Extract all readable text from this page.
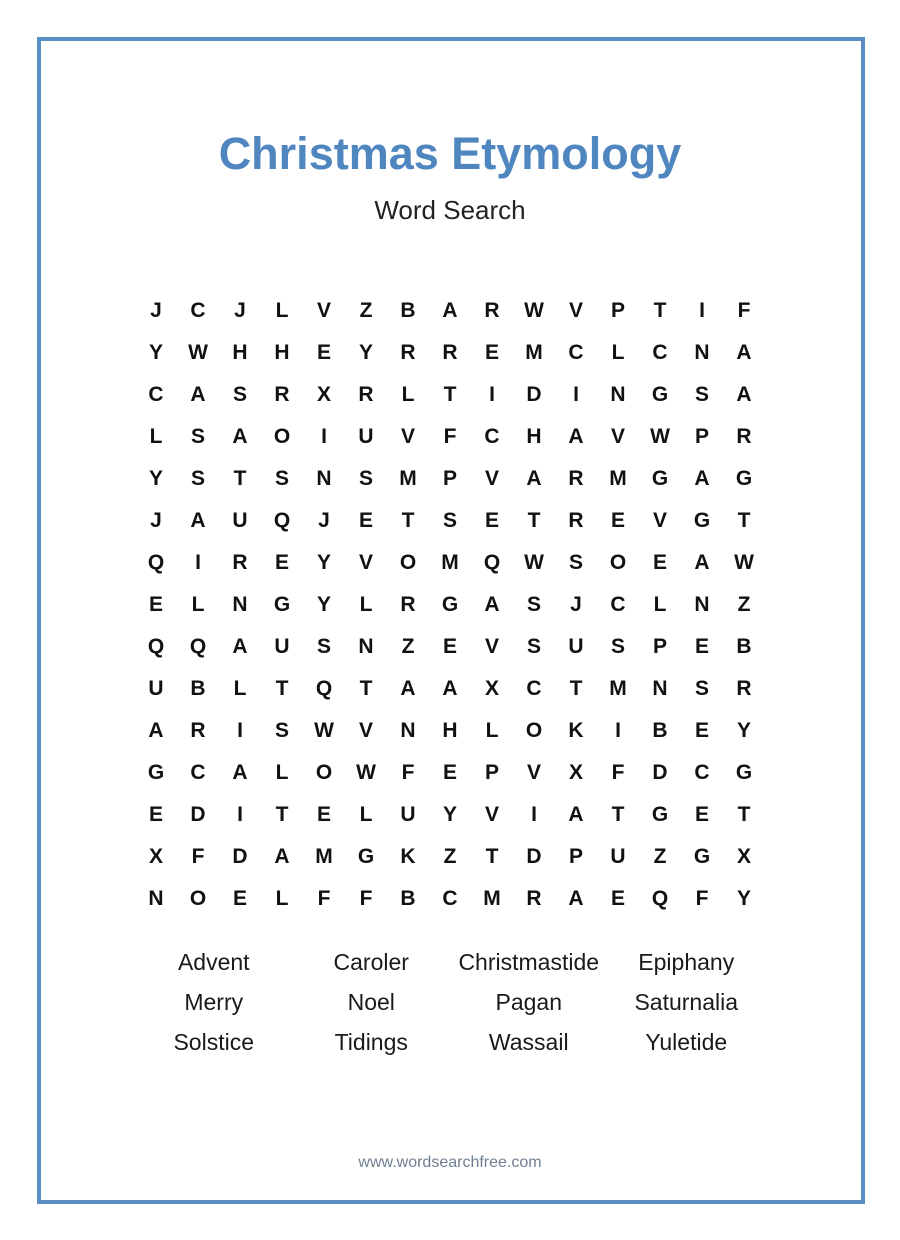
Christmas Etymology
Word Search
J	C	J	L	V	Z	B	A	R	W	V	P	T	I	F
Y	W	H	H	E	Y	R	R	E	M	C	L	C	N	A
C	A	S	R	X	R	L	T	I	D	I	N	G	S	A
L	S	A	O	I	U	V	F	C	H	A	V	W	P	R
Y	S	T	S	N	S	M	P	V	A	R	M	G	A	G
J	A	U	Q	J	E	T	S	E	T	R	E	V	G	T
Q	I	R	E	Y	V	O	M	Q	W	S	O	E	A	W
E	L	N	G	Y	L	R	G	A	S	J	C	L	N	Z
Q	Q	A	U	S	N	Z	E	V	S	U	S	P	E	B
U	B	L	T	Q	T	A	A	X	C	T	M	N	S	R
A	R	I	S	W	V	N	H	L	O	K	I	B	E	Y
G	C	A	L	O	W	F	E	P	V	X	F	D	C	G
E	D	I	T	E	L	U	Y	V	I	A	T	G	E	T
X	F	D	A	M	G	K	Z	T	D	P	U	Z	G	X
N	O	E	L	F	F	B	C	M	R	A	E	Q	F	Y
Advent	Caroler	Christmastide	Epiphany
Merry	Noel	Pagan	Saturnalia
Solstice	Tidings	Wassail	Yuletide
www.wordsearchfree.com
